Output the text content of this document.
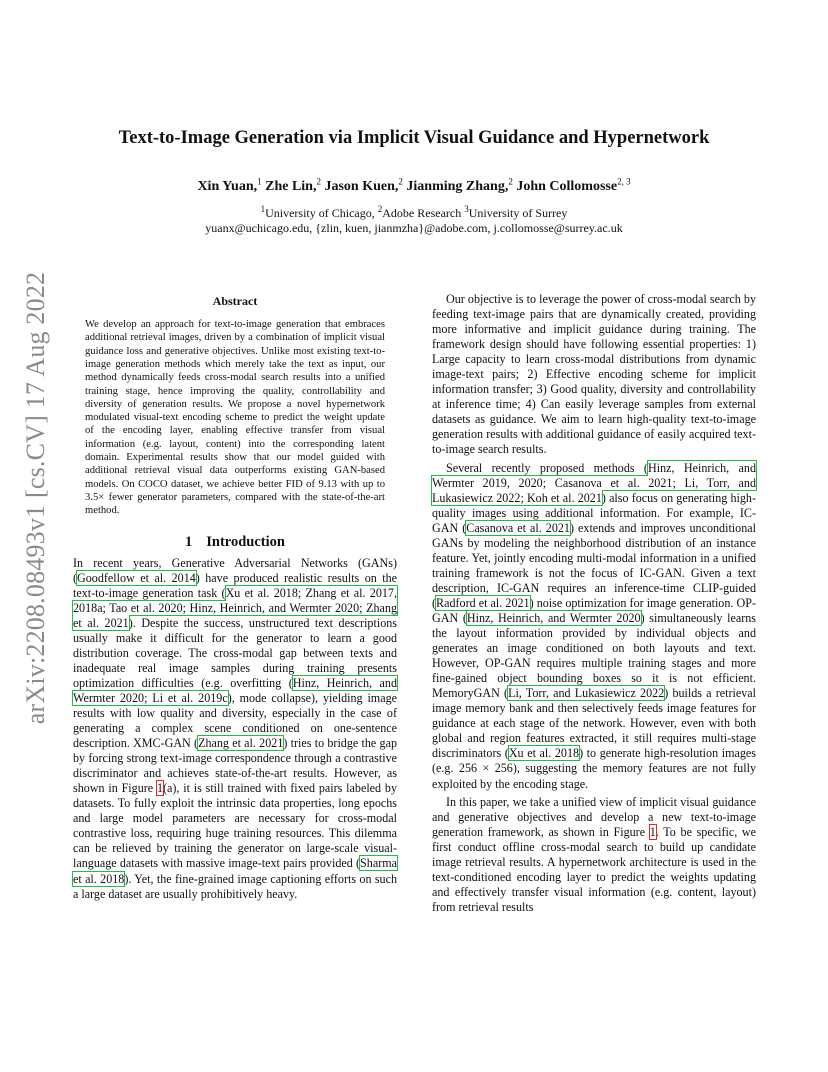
arXiv:2208.08493v1 [cs.CV] 17 Aug 2022
Text-to-Image Generation via Implicit Visual Guidance and Hypernetwork
Xin Yuan,$^1$ Zhe Lin,$^2$ Jason Kuen,$^2$ Jianming Zhang,$^2$ John Collomosse$^{2, 3}$
$^1$University of Chicago, $^2$Adobe Research $^3$University of Surrey
yuanx@uchicago.edu, {zlin, kuen, jianmzha}@adobe.com, j.collomosse@surrey.ac.uk
Abstract

We develop an approach for text-to-image generation that embraces additional retrieval images, driven by a combination of implicit visual guidance loss and generative objectives. Unlike most existing text-to-image generation methods which merely take the text as input, our method dynamically feeds cross-modal search results into a unified training stage, hence improving the quality, controllability and diversity of generation results. We propose a novel hypernetwork modulated visual-text encoding scheme to predict the weight update of the encoding layer, enabling effective transfer from visual information (e.g. layout, content) into the corresponding latent domain. Experimental results show that our model guided with additional retrieval visual data outperforms existing GAN-based models. On COCO dataset, we achieve better FID of 9.13 with up to 3.5× fewer generator parameters, compared with the state-of-the-art method.

1 Introduction

In recent years, Generative Adversarial Networks (GANs) (Goodfellow et al. 2014) have produced realistic results on the text-to-image generation task (Xu et al. 2018; Zhang et al. 2017, 2018a; Tao et al. 2020; Hinz, Heinrich, and Wermter 2020; Zhang et al. 2021). Despite the success, unstructured text descriptions usually make it difficult for the generator to learn a good distribution coverage. The cross-modal gap between texts and inadequate real image samples during training presents optimization difficulties (e.g. overfitting (Hinz, Heinrich, and Wermter 2020; Li et al. 2019c), mode collapse), yielding image results with low quality and diversity, especially in the case of generating a complex scene conditioned on one-sentence description. XMC-GAN (Zhang et al. 2021) tries to bridge the gap by forcing strong text-image correspondence through a contrastive discriminator and achieves state-of-the-art results. However, as shown in Figure 1(a), it is still trained with fixed pairs labeled by datasets. To fully exploit the intrinsic data properties, long epochs and large model parameters are necessary for cross-modal contrastive loss, requiring huge training resources. This dilemma can be relieved by training the generator on large-scale visual-language datasets with massive image-text pairs provided (Sharma et al. 2018). Yet, the fine-grained image captioning efforts on such a large dataset are usually prohibitively heavy.

Our objective is to leverage the power of cross-modal search by feeding text-image pairs that are dynamically created, providing more informative and implicit guidance during training. The framework design should have following essential properties: 1) Large capacity to learn cross-modal distributions from dynamic image-text pairs; 2) Effective encoding scheme for implicit information transfer; 3) Good quality, diversity and controllability at inference time; 4) Can easily leverage samples from external datasets as guidance. We aim to learn high-quality text-to-image generation results with additional guidance of easily acquired text-to-image search results.

Several recently proposed methods (Hinz, Heinrich, and Wermter 2019, 2020; Casanova et al. 2021; Li, Torr, and Lukasiewicz 2022; Koh et al. 2021) also focus on generating high-quality images using additional information. For example, IC-GAN (Casanova et al. 2021) extends and improves unconditional GANs by modeling the neighborhood distribution of an instance feature. Yet, jointly encoding multi-modal information in a unified training framework is not the focus of IC-GAN. Given a text description, IC-GAN requires an inference-time CLIP-guided (Radford et al. 2021) noise optimization for image generation. OP-GAN (Hinz, Heinrich, and Wermter 2020) simultaneously learns the layout information provided by individual objects and generates an image conditioned on both layouts and text. However, OP-GAN requires multiple training stages and more fine-gained object bounding boxes so it is not efficient. MemoryGAN (Li, Torr, and Lukasiewicz 2022) builds a retrieval image memory bank and then selectively feeds image features for guidance at each stage of the network. However, even with both global and region features extracted, it still requires multi-stage discriminators (Xu et al. 2018) to generate high-resolution images (e.g. 256 × 256), suggesting the memory features are not fully exploited by the encoding stage.

In this paper, we take a unified view of implicit visual guidance and generative objectives and develop a new text-to-image generation framework, as shown in Figure 1. To be specific, we first conduct offline cross-modal search to build up candidate image retrieval results. A hypernetwork architecture is used in the text-conditioned encoding layer to predict the weights updating and effectively transfer visual information (e.g. content, layout) from retrieval results
